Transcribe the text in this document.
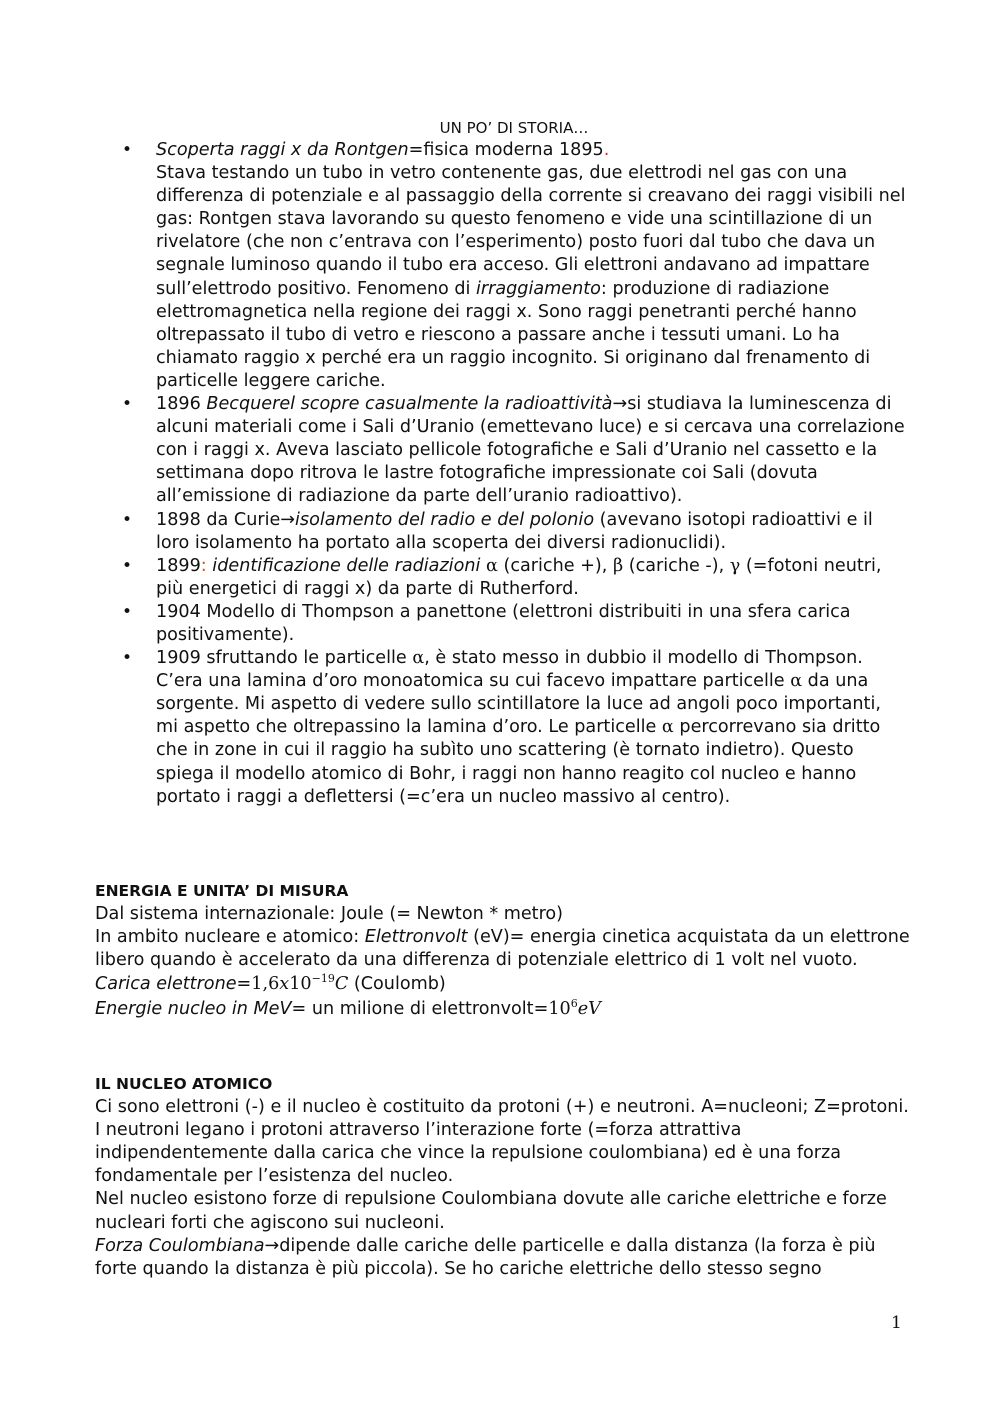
UN PO’ DI STORIA…
• Scoperta raggi x da Rontgen=fisica moderna 1895.
Stava testando un tubo in vetro contenente gas, due elettrodi nel gas con una differenza di potenziale e al passaggio della corrente si creavano dei raggi visibili nel gas: Rontgen stava lavorando su questo fenomeno e vide una scintillazione di un rivelatore (che non c’entrava con l’esperimento) posto fuori dal tubo che dava un segnale luminoso quando il tubo era acceso. Gli elettroni andavano ad impattare sull’elettrodo positivo. Fenomeno di irraggiamento: produzione di radiazione elettromagnetica nella regione dei raggi x. Sono raggi penetranti perché hanno oltrepassato il tubo di vetro e riescono a passare anche i tessuti umani. Lo ha chiamato raggio x perché era un raggio incognito. Si originano dal frenamento di particelle leggere cariche.
• 1896 Becquerel scopre casualmente la radioattività→si studiava la luminescenza di alcuni materiali come i Sali d’Uranio (emettevano luce) e si cercava una correlazione con i raggi x. Aveva lasciato pellicole fotografiche e Sali d’Uranio nel cassetto e la settimana dopo ritrova le lastre fotografiche impressionate coi Sali (dovuta all’emissione di radiazione da parte dell’uranio radioattivo).
• 1898 da Curie→isolamento del radio e del polonio (avevano isotopi radioattivi e il loro isolamento ha portato alla scoperta dei diversi radionuclidi).
• 1899: identificazione delle radiazioni α (cariche +), β (cariche -), γ (=fotoni neutri, più energetici di raggi x) da parte di Rutherford.
• 1904 Modello di Thompson a panettone (elettroni distribuiti in una sfera carica positivamente).
• 1909 sfruttando le particelle α, è stato messo in dubbio il modello di Thompson. C’era una lamina d’oro monoatomica su cui facevo impattare particelle α da una sorgente. Mi aspetto di vedere sullo scintillatore la luce ad angoli poco importanti, mi aspetto che oltrepassino la lamina d’oro. Le particelle α percorrevano sia dritto che in zone in cui il raggio ha subìto uno scattering (è tornato indietro). Questo spiega il modello atomico di Bohr, i raggi non hanno reagito col nucleo e hanno portato i raggi a deflettersi (=c’era un nucleo massivo al centro).
ENERGIA E UNITA’ DI MISURA
Dal sistema internazionale: Joule (= Newton * metro)
In ambito nucleare e atomico: Elettronvolt (eV)= energia cinetica acquistata da un elettrone libero quando è accelerato da una differenza di potenziale elettrico di 1 volt nel vuoto.
Carica $elettrone=1,6x10^{-19}C$ (Coulomb)
Energie nucleo in MeV= un milione di $elettronvolt=10^6eV$
IL NUCLEO ATOMICO
Ci sono elettroni (-) e il nucleo è costituito da protoni (+) e neutroni. A=nucleoni; Z=protoni.
I neutroni legano i protoni attraverso l’interazione forte (=forza attrattiva indipendentemente dalla carica che vince la repulsione coulombiana) ed è una forza fondamentale per l’esistenza del nucleo.
Nel nucleo esistono forze di repulsione Coulombiana dovute alle cariche elettriche e forze nucleari forti che agiscono sui nucleoni.
Forza Coulombiana→dipende dalle cariche delle particelle e dalla distanza (la forza è più forte quando la distanza è più piccola). Se ho cariche elettriche dello stesso segno
1
